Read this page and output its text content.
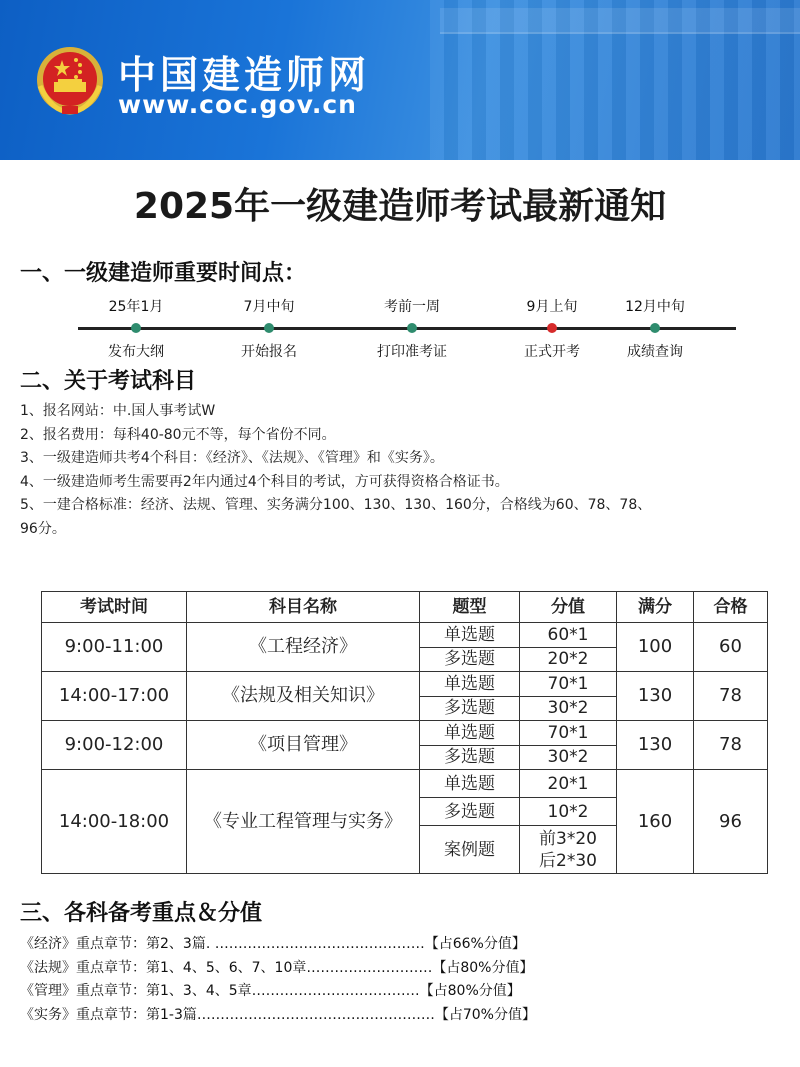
中国建造师网
www.coc.gov.cn
2025年一级建造师考试最新通知
一、一级建造师重要时间点：
25年1月
发布大纲
7月中旬
开始报名
考前一周
打印准考证
9月上旬
正式开考
12月中旬
成绩查询
二、关于考试科目
1、报名网站：中.国人事考试W
2、报名费用：每科40-80元不等，每个省份不同。
3、一级建造师共考4个科目：《经济》、《法规》、《管理》和《实务》。
4、一级建造师考生需要再2年内通过4个科目的考试，方可获得资格合格证书。
5、一建合格标准：经济、法规、管理、实务满分100、130、130、160分，合格线为60、78、78、
96分。
考试时间	科目名称	题型	分值	满分	合格
9:00-11:00	《工程经济》	单选题	60*1	100	60
		多选题	20*2		
14:00-17:00	《法规及相关知识》	单选题	70*1	130	78
		多选题	30*2		
9:00-12:00	《项目管理》	单选题	70*1	130	78
		多选题	30*2		
14:00-18:00	《专业工程管理与实务》	单选题	20*1	160	96
		多选题	10*2		
		案例题	前3*20
后2*30		
三、各科备考重点＆分值
《经济》重点章节：第2、3篇. ………………………………………【占66%分值】
《法规》重点章节：第1、4、5、6、7、10章………………………【占80%分值】
《管理》重点章节：第1、3、4、5章………………………………【占80%分值】
《实务》重点章节：第1-3篇……………………………………………【占70%分值】
